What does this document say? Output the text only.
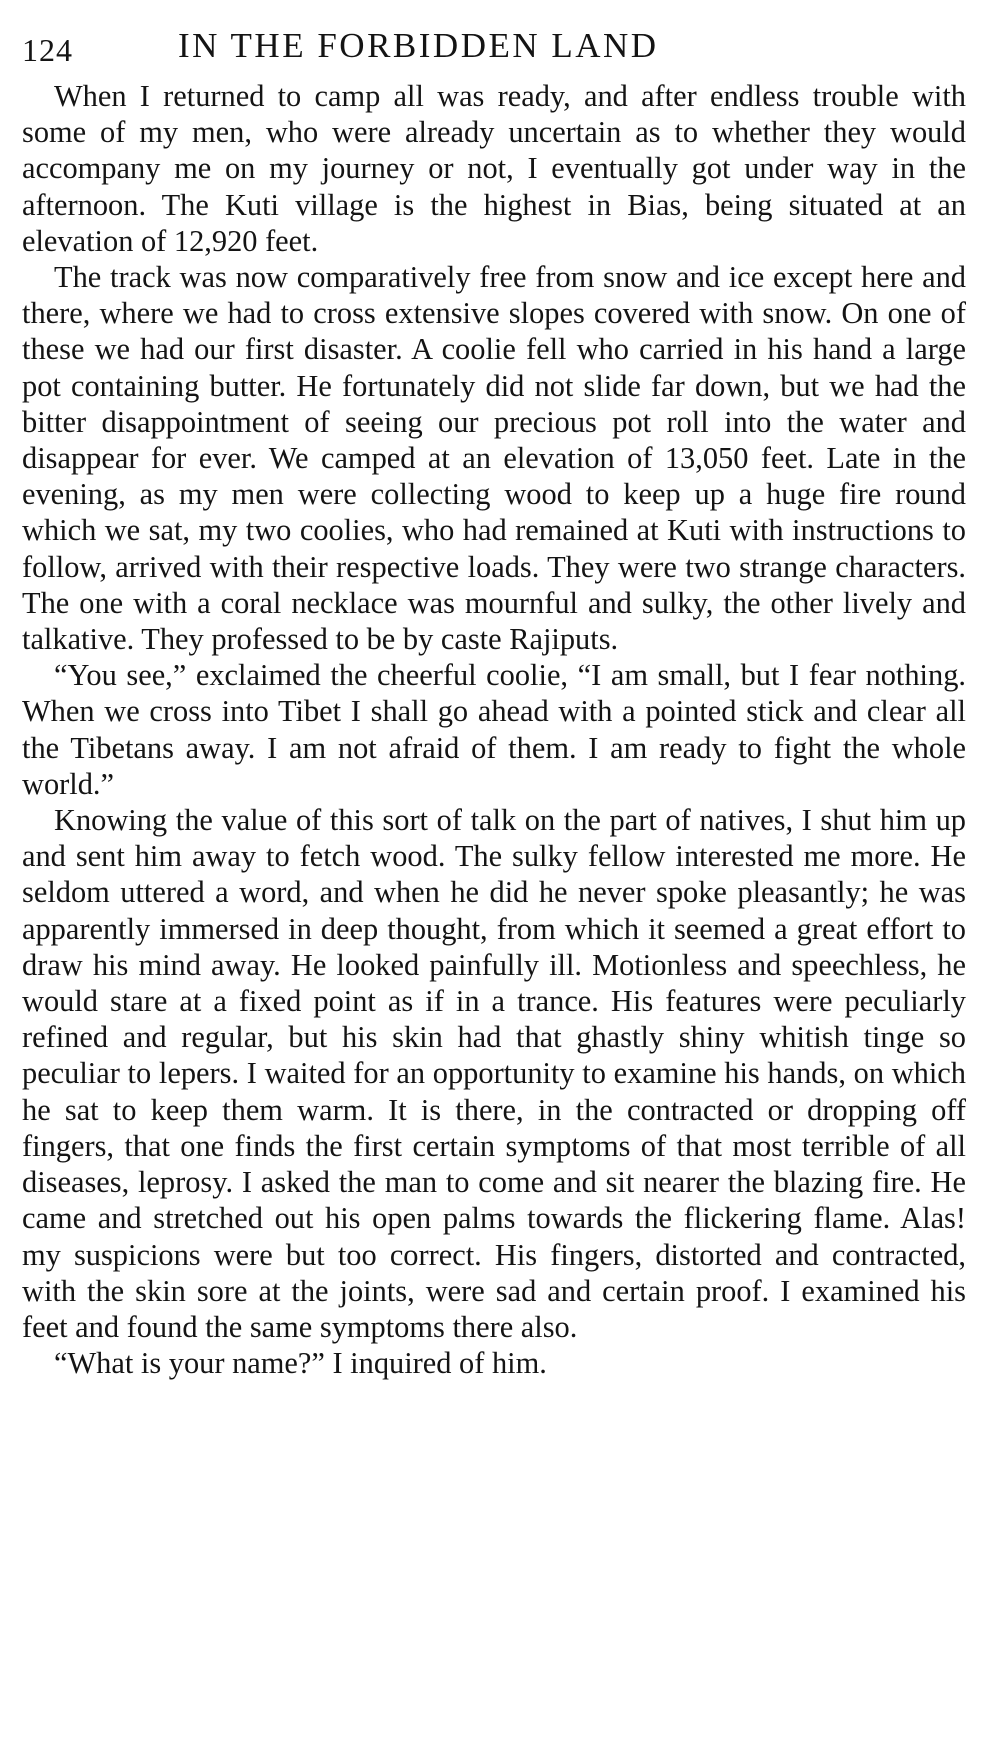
124	IN THE FORBIDDEN LAND

When I returned to camp all was ready, and after endless trouble with some of my men, who were already uncertain as to whether they would accompany me on my journey or not, I eventually got under way in the afternoon. The Kuti village is the highest in Bias, being situated at an elevation of 12,920 feet.

The track was now comparatively free from snow and ice except here and there, where we had to cross extensive slopes covered with snow. On one of these we had our first disaster. A coolie fell who carried in his hand a large pot containing butter. He fortunately did not slide far down, but we had the bitter disappointment of seeing our precious pot roll into the water and disappear for ever. We camped at an elevation of 13,050 feet. Late in the evening, as my men were collecting wood to keep up a huge fire round which we sat, my two coolies, who had remained at Kuti with instructions to follow, arrived with their respective loads. They were two strange characters. The one with a coral necklace was mournful and sulky, the other lively and talkative. They professed to be by caste Rajiputs.

“You see,” exclaimed the cheerful coolie, “I am small, but I fear nothing. When we cross into Tibet I shall go ahead with a pointed stick and clear all the Tibetans away. I am not afraid of them. I am ready to fight the whole world.”

Knowing the value of this sort of talk on the part of natives, I shut him up and sent him away to fetch wood. The sulky fellow interested me more. He seldom uttered a word, and when he did he never spoke pleasantly; he was apparently immersed in deep thought, from which it seemed a great effort to draw his mind away. He looked painfully ill. Motionless and speechless, he would stare at a fixed point as if in a trance. His features were peculiarly refined and regular, but his skin had that ghastly shiny whitish tinge so peculiar to lepers. I waited for an opportunity to examine his hands, on which he sat to keep them warm. It is there, in the contracted or dropping off fingers, that one finds the first certain symptoms of that most terrible of all diseases, leprosy. I asked the man to come and sit nearer the blazing fire. He came and stretched out his open palms towards the flickering flame. Alas! my suspicions were but too correct. His fingers, distorted and contracted, with the skin sore at the joints, were sad and certain proof. I examined his feet and found the same symptoms there also.

“What is your name?” I inquired of him.
